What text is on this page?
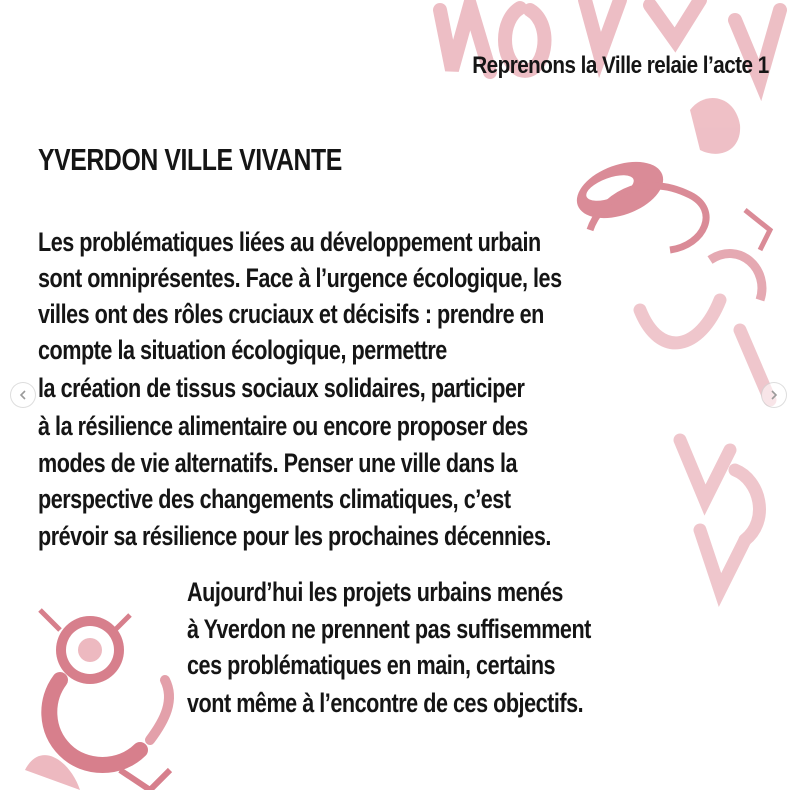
Reprenons la Ville relaie l’acte 1
YVERDON VILLE VIVANTE
Les problématiques liées au développement urbain
sont omniprésentes. Face à l’urgence écologique, les
villes ont des rôles cruciaux et décisifs : prendre en
compte la situation écologique, permettre
la création de tissus sociaux solidaires, participer
à la résilience alimentaire ou encore proposer des
modes de vie alternatifs. Penser une ville dans la
perspective des changements climatiques, c’est
prévoir sa résilience pour les prochaines décennies.
Aujourd’hui les projets urbains menés
à Yverdon ne prennent pas suffisemment
ces problématiques en main, certains
vont même à l’encontre de ces objectifs.
